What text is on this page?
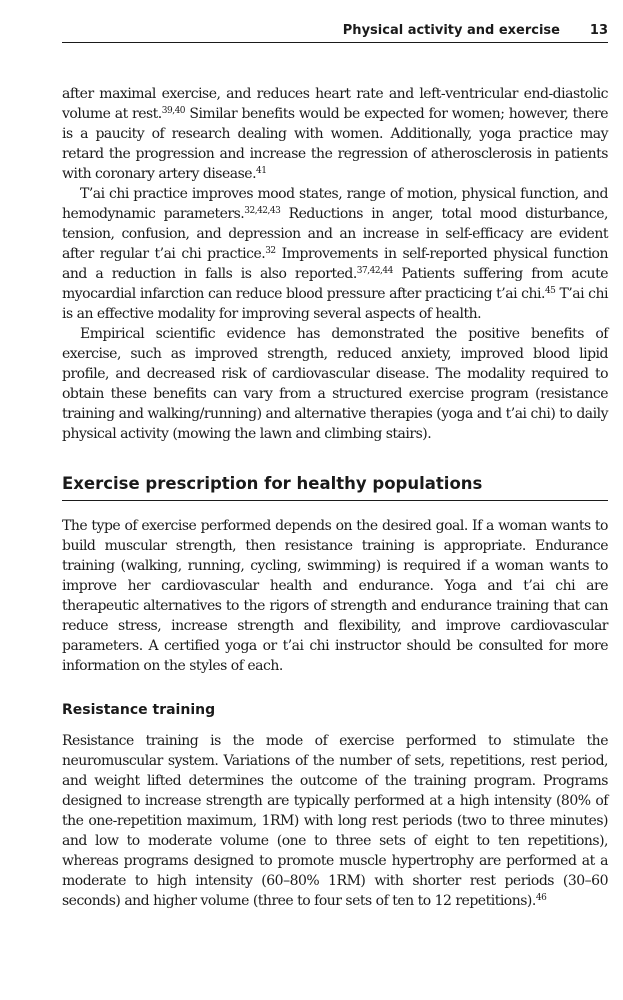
Physical activity and exercise 13

after maximal exercise, and reduces heart rate and left-ventricular end-diastolic volume at rest.$^{39,40}$ Similar benefits would be expected for women; however, there is a paucity of research dealing with women. Additionally, yoga practice may retard the progression and increase the regression of atherosclerosis in patients with coronary artery disease.$^{41}$

T’ai chi practice improves mood states, range of motion, physical function, and hemodynamic parameters.$^{32,42,43}$ Reductions in anger, total mood disturbance, tension, confusion, and depression and an increase in self-efficacy are evident after regular t’ai chi practice.$^{32}$ Improvements in self-reported physical function and a reduction in falls is also reported.$^{37,42,44}$ Patients suffering from acute myocardial infarction can reduce blood pressure after practicing t’ai chi.$^{45}$ T’ai chi is an effective modality for improving several aspects of health.

Empirical scientific evidence has demonstrated the positive benefits of exercise, such as improved strength, reduced anxiety, improved blood lipid profile, and decreased risk of cardiovascular disease. The modality required to obtain these benefits can vary from a structured exercise program (resistance training and walking/running) and alternative therapies (yoga and t’ai chi) to daily physical activity (mowing the lawn and climbing stairs).

Exercise prescription for healthy populations

The type of exercise performed depends on the desired goal. If a woman wants to build muscular strength, then resistance training is appropriate. Endurance training (walking, running, cycling, swimming) is required if a woman wants to improve her cardiovascular health and endurance. Yoga and t’ai chi are therapeutic alternatives to the rigors of strength and endurance training that can reduce stress, increase strength and flexibility, and improve cardiovascular parameters. A certified yoga or t’ai chi instructor should be consulted for more information on the styles of each.

Resistance training

Resistance training is the mode of exercise performed to stimulate the neuromuscular system. Variations of the number of sets, repetitions, rest period, and weight lifted determines the outcome of the training program. Programs designed to increase strength are typically performed at a high intensity (80% of the one-repetition maximum, 1RM) with long rest periods (two to three minutes) and low to moderate volume (one to three sets of eight to ten repetitions), whereas programs designed to promote muscle hypertrophy are performed at a moderate to high intensity (60–80% 1RM) with shorter rest periods (30–60 seconds) and higher volume (three to four sets of ten to 12 repetitions).$^{46}$
